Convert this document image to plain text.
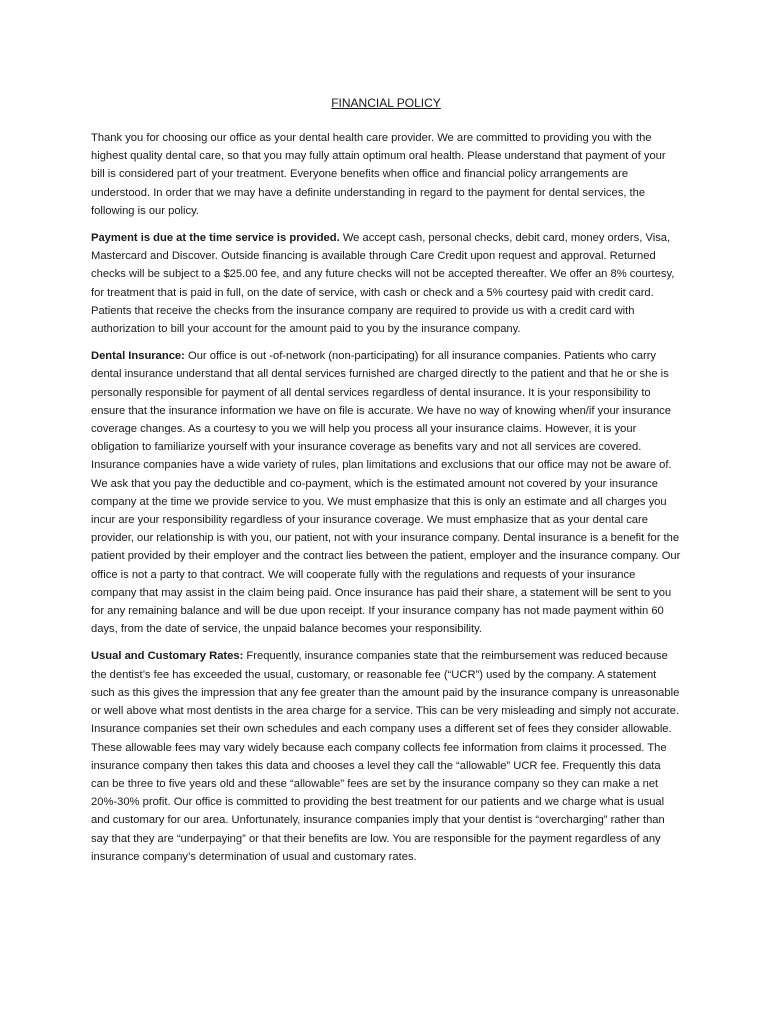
FINANCIAL POLICY

Thank you for choosing our office as your dental health care provider. We are committed to providing you with the highest quality dental care, so that you may fully attain optimum oral health. Please understand that payment of your bill is considered part of your treatment. Everyone benefits when office and financial policy arrangements are understood. In order that we may have a definite understanding in regard to the payment for dental services, the following is our policy.

Payment is due at the time service is provided. We accept cash, personal checks, debit card, money orders, Visa, Mastercard and Discover. Outside financing is available through Care Credit upon request and approval. Returned checks will be subject to a $25.00 fee, and any future checks will not be accepted thereafter. We offer an 8% courtesy, for treatment that is paid in full, on the date of service, with cash or check and a 5% courtesy paid with credit card. Patients that receive the checks from the insurance company are required to provide us with a credit card with authorization to bill your account for the amount paid to you by the insurance company.

Dental Insurance: Our office is out -of-network (non-participating) for all insurance companies. Patients who carry dental insurance understand that all dental services furnished are charged directly to the patient and that he or she is personally responsible for payment of all dental services regardless of dental insurance. It is your responsibility to ensure that the insurance information we have on file is accurate. We have no way of knowing when/if your insurance coverage changes. As a courtesy to you we will help you process all your insurance claims. However, it is your obligation to familiarize yourself with your insurance coverage as benefits vary and not all services are covered. Insurance companies have a wide variety of rules, plan limitations and exclusions that our office may not be aware of. We ask that you pay the deductible and co-payment, which is the estimated amount not covered by your insurance company at the time we provide service to you. We must emphasize that this is only an estimate and all charges you incur are your responsibility regardless of your insurance coverage. We must emphasize that as your dental care provider, our relationship is with you, our patient, not with your insurance company. Dental insurance is a benefit for the patient provided by their employer and the contract lies between the patient, employer and the insurance company. Our office is not a party to that contract. We will cooperate fully with the regulations and requests of your insurance company that may assist in the claim being paid. Once insurance has paid their share, a statement will be sent to you for any remaining balance and will be due upon receipt. If your insurance company has not made payment within 60 days, from the date of service, the unpaid balance becomes your responsibility.

Usual and Customary Rates: Frequently, insurance companies state that the reimbursement was reduced because the dentist’s fee has exceeded the usual, customary, or reasonable fee (“UCR”) used by the company. A statement such as this gives the impression that any fee greater than the amount paid by the insurance company is unreasonable or well above what most dentists in the area charge for a service. This can be very misleading and simply not accurate. Insurance companies set their own schedules and each company uses a different set of fees they consider allowable. These allowable fees may vary widely because each company collects fee information from claims it processed. The insurance company then takes this data and chooses a level they call the “allowable” UCR fee. Frequently this data can be three to five years old and these “allowable” fees are set by the insurance company so they can make a net 20%-30% profit. Our office is committed to providing the best treatment for our patients and we charge what is usual and customary for our area. Unfortunately, insurance companies imply that your dentist is “overcharging” rather than say that they are “underpaying” or that their benefits are low. You are responsible for the payment regardless of any insurance company’s determination of usual and customary rates.
